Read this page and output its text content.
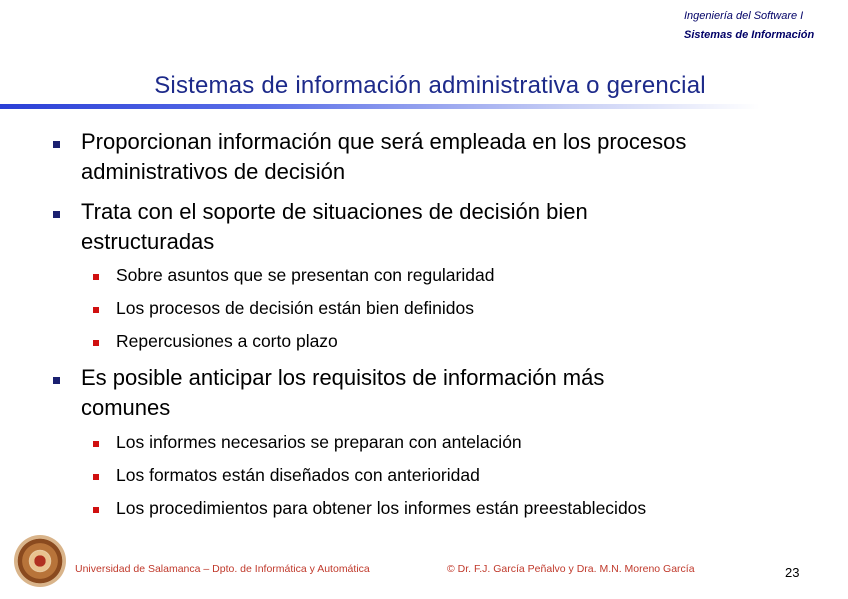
Ingeniería del Software I
Sistemas de Información
Sistemas de información administrativa o gerencial
Proporcionan información que será empleada en los procesos
administrativos de decisión
Trata con el soporte de situaciones de decisión bien
estructuradas
Sobre asuntos que se presentan con regularidad
Los procesos de decisión están bien definidos
Repercusiones a corto plazo
Es posible anticipar los requisitos de información más
comunes
Los informes necesarios se preparan con antelación
Los formatos están diseñados con anterioridad
Los procedimientos para obtener los informes están preestablecidos
Universidad de Salamanca – Dpto. de Informática y Automática	© Dr. F.J. García Peñalvo y Dra. M.N. Moreno García	23
